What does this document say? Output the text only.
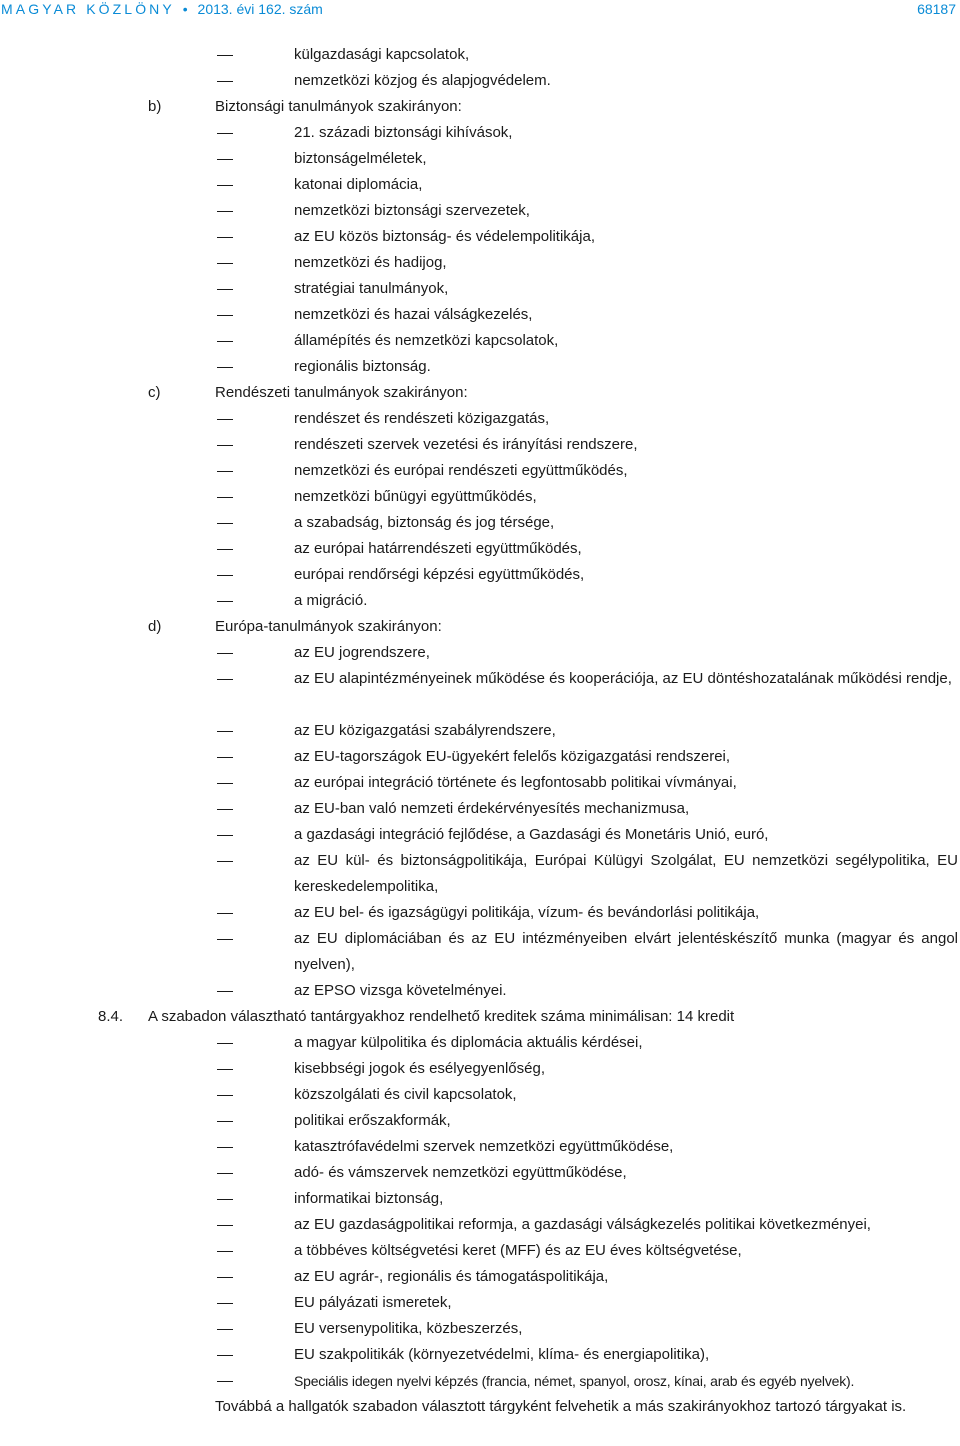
MAGYAR KÖZLÖNY • 2013. évi 162. szám	68187
külgazdasági kapcsolatok,
nemzetközi közjog és alapjogvédelem.
b)	Biztonsági tanulmányok szakirányon:
21. századi biztonsági kihívások,
biztonságelméletek,
katonai diplomácia,
nemzetközi biztonsági szervezetek,
az EU közös biztonság- és védelempolitikája,
nemzetközi és hadijog,
stratégiai tanulmányok,
nemzetközi és hazai válságkezelés,
államépítés és nemzetközi kapcsolatok,
regionális biztonság.
c)	Rendészeti tanulmányok szakirányon:
rendészet és rendészeti közigazgatás,
rendészeti szervek vezetési és irányítási rendszere,
nemzetközi és európai rendészeti együttműködés,
nemzetközi bűnügyi együttműködés,
a szabadság, biztonság és jog térsége,
az európai határrendészeti együttműködés,
európai rendőrségi képzési együttműködés,
a migráció.
d)	Európa-tanulmányok szakirányon:
az EU jogrendszere,
az EU alapintézményeinek működése és kooperációja, az EU döntéshozatalának működési rendje,
az EU közigazgatási szabályrendszere,
az EU-tagországok EU-ügyekért felelős közigazgatási rendszerei,
az európai integráció története és legfontosabb politikai vívmányai,
az EU-ban való nemzeti érdekérvényesítés mechanizmusa,
a gazdasági integráció fejlődése, a Gazdasági és Monetáris Unió, euró,
az EU kül- és biztonságpolitikája, Európai Külügyi Szolgálat, EU nemzetközi segélypolitika, EU kereskedelempolitika,
az EU bel- és igazságügyi politikája, vízum- és bevándorlási politikája,
az EU diplomáciában és az EU intézményeiben elvárt jelentéskészítő munka (magyar és angol nyelven),
az EPSO vizsga követelményei.
8.4. A szabadon választható tantárgyakhoz rendelhető kreditek száma minimálisan: 14 kredit
a magyar külpolitika és diplomácia aktuális kérdései,
kisebbségi jogok és esélyegyenlőség,
közszolgálati és civil kapcsolatok,
politikai erőszakformák,
katasztrófavédelmi szervek nemzetközi együttműködése,
adó- és vámszervek nemzetközi együttműködése,
informatikai biztonság,
az EU gazdaságpolitikai reformja, a gazdasági válságkezelés politikai következményei,
a többéves költségvetési keret (MFF) és az EU éves költségvetése,
az EU agrár-, regionális és támogatáspolitikája,
EU pályázati ismeretek,
EU versenypolitika, közbeszerzés,
EU szakpolitikák (környezetvédelmi, klíma- és energiapolitika),
Speciális idegen nyelvi képzés (francia, német, spanyol, orosz, kínai, arab és egyéb nyelvek).
Továbbá a hallgatók szabadon választott tárgyként felvehetik a más szakirányokhoz tartozó tárgyakat is.
